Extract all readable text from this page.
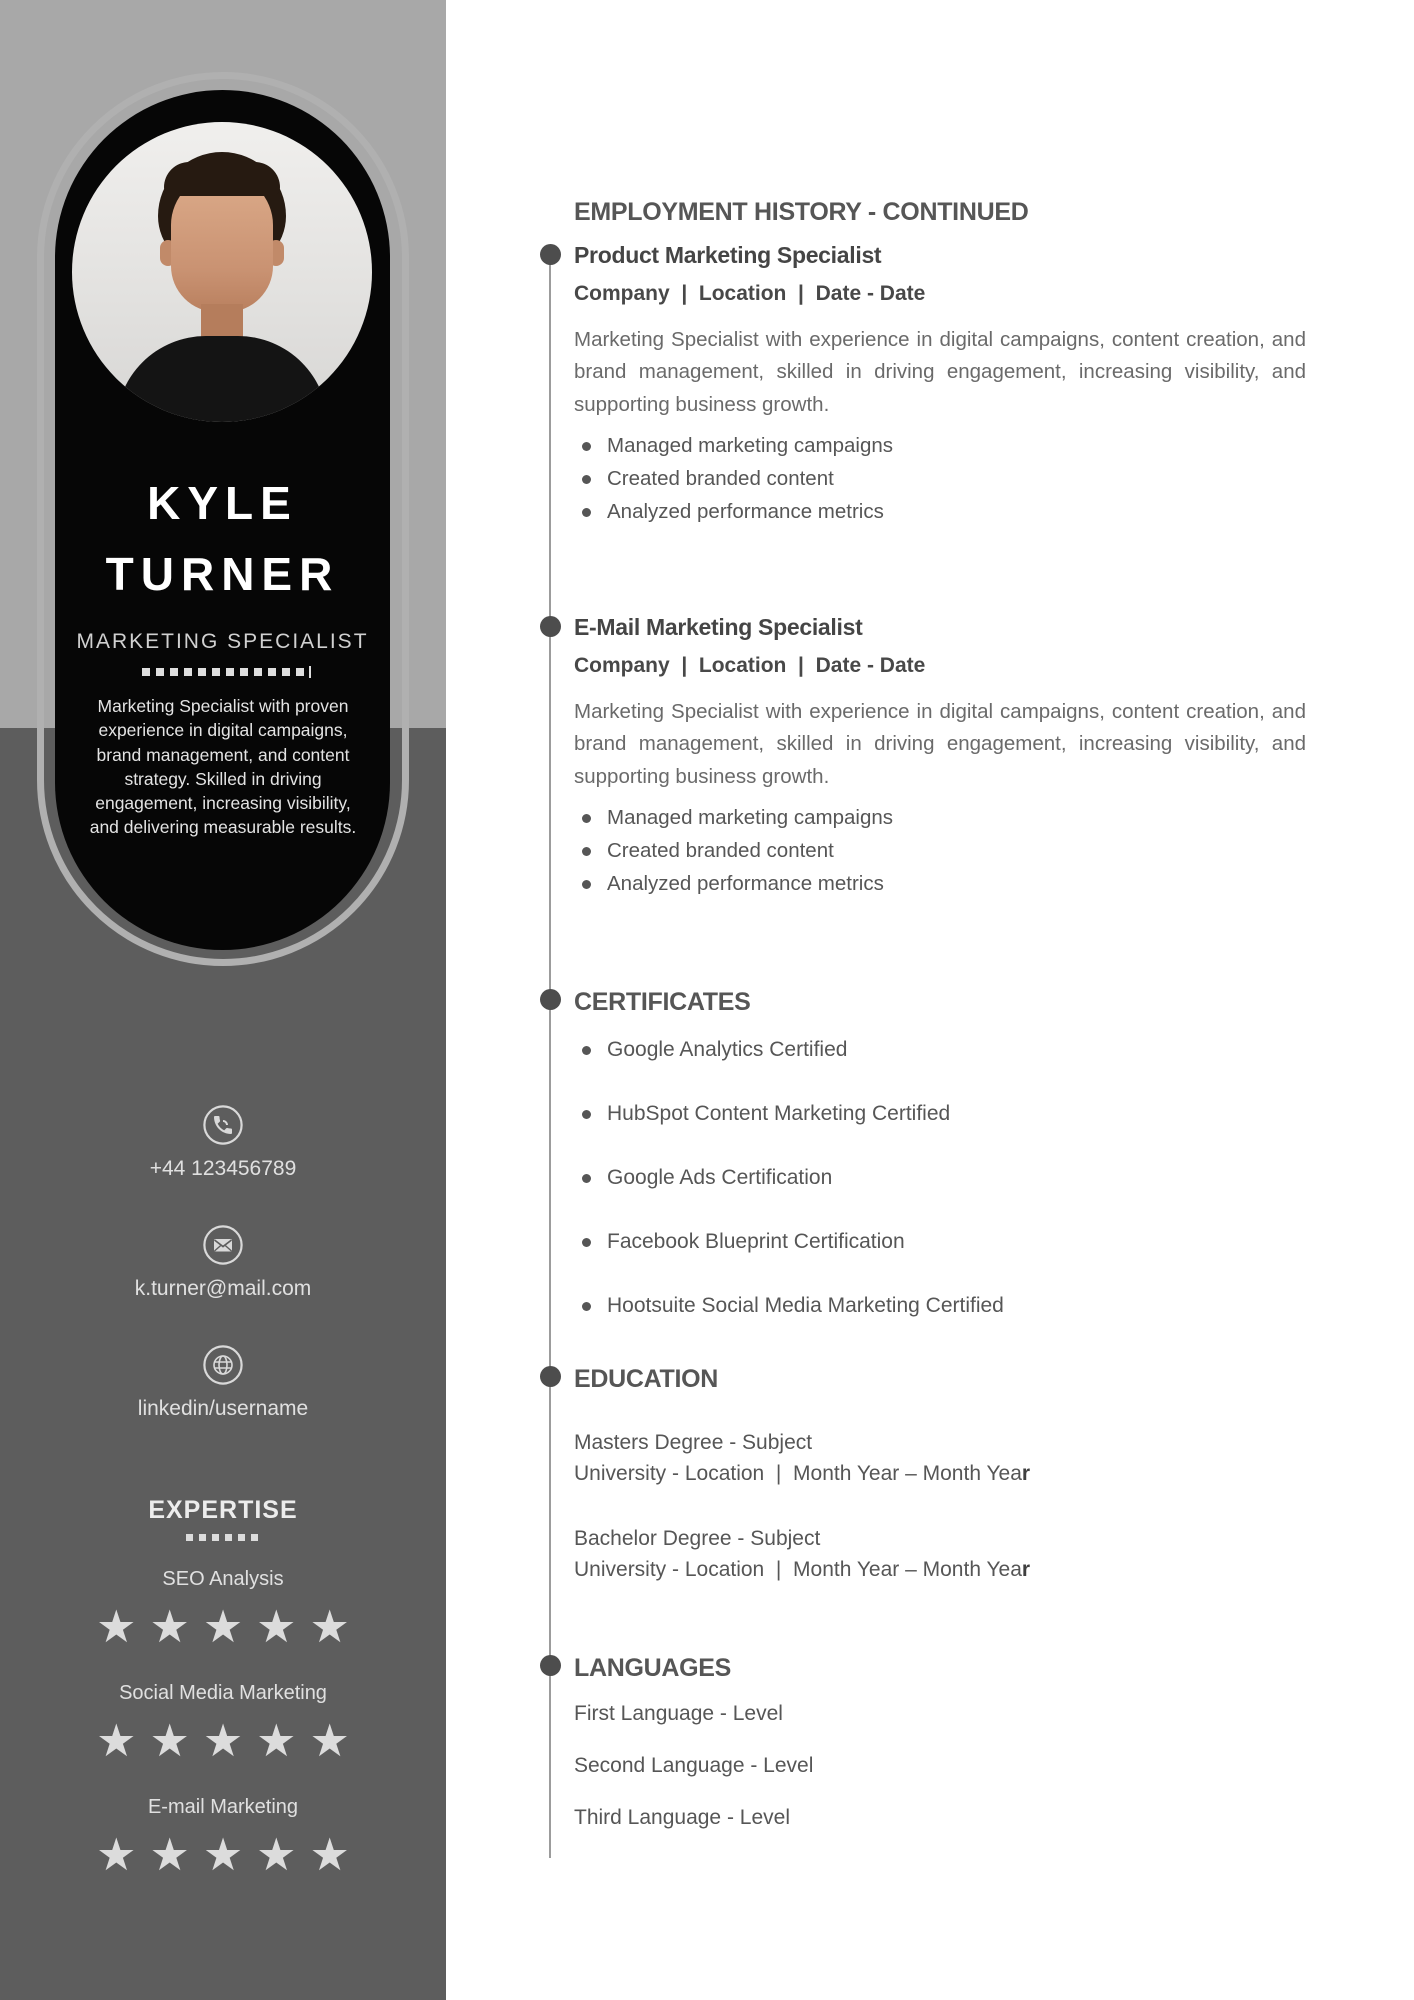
KYLE
TURNER
MARKETING SPECIALIST

Marketing Specialist with proven experience in digital campaigns, brand management, and content strategy. Skilled in driving engagement, increasing visibility, and delivering measurable results.

+44 123456789
k.turner@mail.com
linkedin/username
EXPERTISE
SEO Analysis
★★★★★
Social Media Marketing
★★★★★
E-mail Marketing
★★★★★
EMPLOYMENT HISTORY - CONTINUED
Product Marketing Specialist
Company  |  Location  |  Date - Date
Marketing Specialist with experience in digital campaigns, content creation, and brand management, skilled in driving engagement, increasing visibility, and supporting business growth.
Managed marketing campaigns
Created branded content
Analyzed performance metrics
E-Mail Marketing Specialist
Company  |  Location  |  Date - Date
Marketing Specialist with experience in digital campaigns, content creation, and brand management, skilled in driving engagement, increasing visibility, and supporting business growth.
Managed marketing campaigns
Created branded content
Analyzed performance metrics
CERTIFICATES
Google Analytics Certified
HubSpot Content Marketing Certified
Google Ads Certification
Facebook Blueprint Certification
Hootsuite Social Media Marketing Certified
EDUCATION
Masters Degree - Subject
University - Location  |  Month Year – Month Year
Bachelor Degree - Subject
University - Location  |  Month Year – Month Year
LANGUAGES
First Language - Level
Second Language - Level
Third Language - Level
